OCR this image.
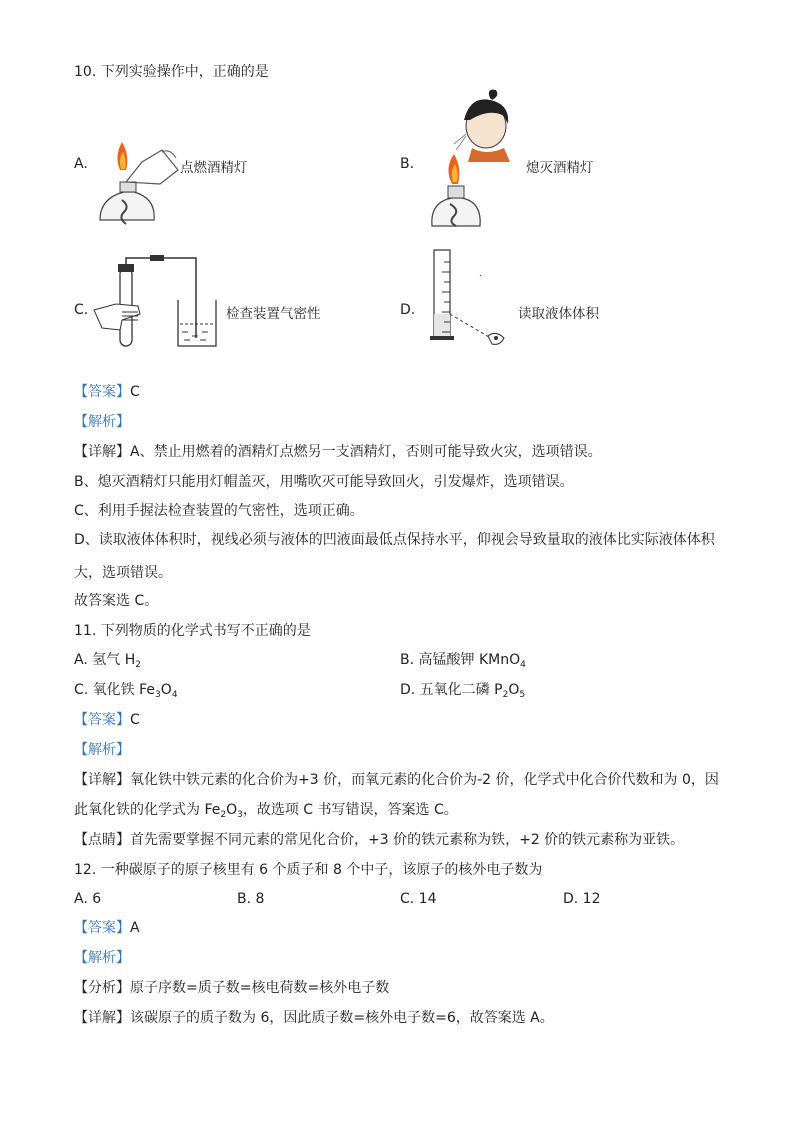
10. 下列实验操作中，正确的是
A.	点燃酒精灯	B.	熄灭酒精灯
C.	检查装置气密性	D.	读取液体体积
【答案】C
【解析】
【详解】A、禁止用燃着的酒精灯点燃另一支酒精灯，否则可能导致火灾，选项错误。
B、熄灭酒精灯只能用灯帽盖灭，用嘴吹灭可能导致回火，引发爆炸，选项错误。
C、利用手握法检查装置的气密性，选项正确。
D、读取液体体积时，视线必须与液体的凹液面最低点保持水平，仰视会导致量取的液体比实际液体体积
大，选项错误。
故答案选 C。
11. 下列物质的化学式书写不正确的是
A. 氢气 $H_2$	B. 高锰酸钾 KMnO$_4$
C. 氧化铁 $Fe_3O_4$	D. 五氧化二磷 $P_2O_5$
【答案】C
【解析】
【详解】氧化铁中铁元素的化合价为+3 价，而氧元素的化合价为-2 价，化学式中化合价代数和为 0，因
此氧化铁的化学式为 $Fe_2O_3$，故选项 C 书写错误，答案选 C。
【点睛】首先需要掌握不同元素的常见化合价，+3 价的铁元素称为铁，+2 价的铁元素称为亚铁。
12. 一种碳原子的原子核里有 6 个质子和 8 个中子，该原子的核外电子数为
A. 6	B. 8	C. 14	D. 12
【答案】A
【解析】
【分析】原子序数=质子数=核电荷数=核外电子数
【详解】该碳原子的质子数为 6，因此质子数=核外电子数=6，故答案选 A。
